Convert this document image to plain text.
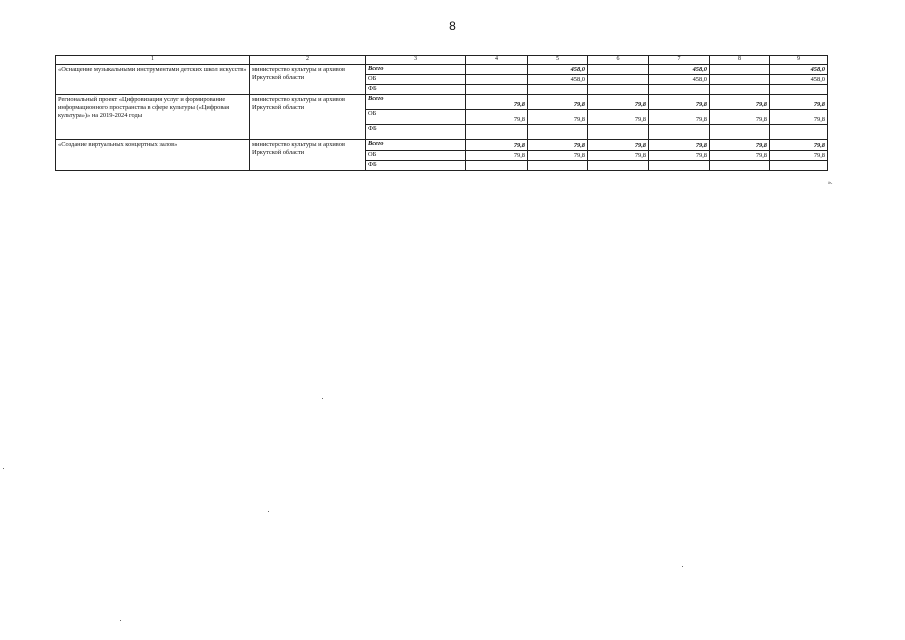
8
1	2	3	4	5	6	7	8	9
«Оснащение музыкальными инструментами детских школ искусств»	министерство культуры и архивов Иркутской области	Всего		458,0		458,0		458,0
		ОБ		458,0		458,0		458,0
		ФБ						
Региональный проект «Цифровизация услуг и формирование информационного пространства в сфере культуры («Цифровая культура»)» на 2019-2024 годы	министерство культуры и архивов Иркутской области	Всего	79,8	79,8	79,8	79,8	79,8	79,8
		ОБ	79,8	79,8	79,8	79,8	79,8	79,8
		ФБ						
«Создание виртуальных концертных залов»	министерство культуры и архивов Иркутской области	Всего	79,8	79,8	79,8	79,8	79,8	79,8
		ОБ	79,8	79,8	79,8	79,8	79,8	79,8
		ФБ						
».
